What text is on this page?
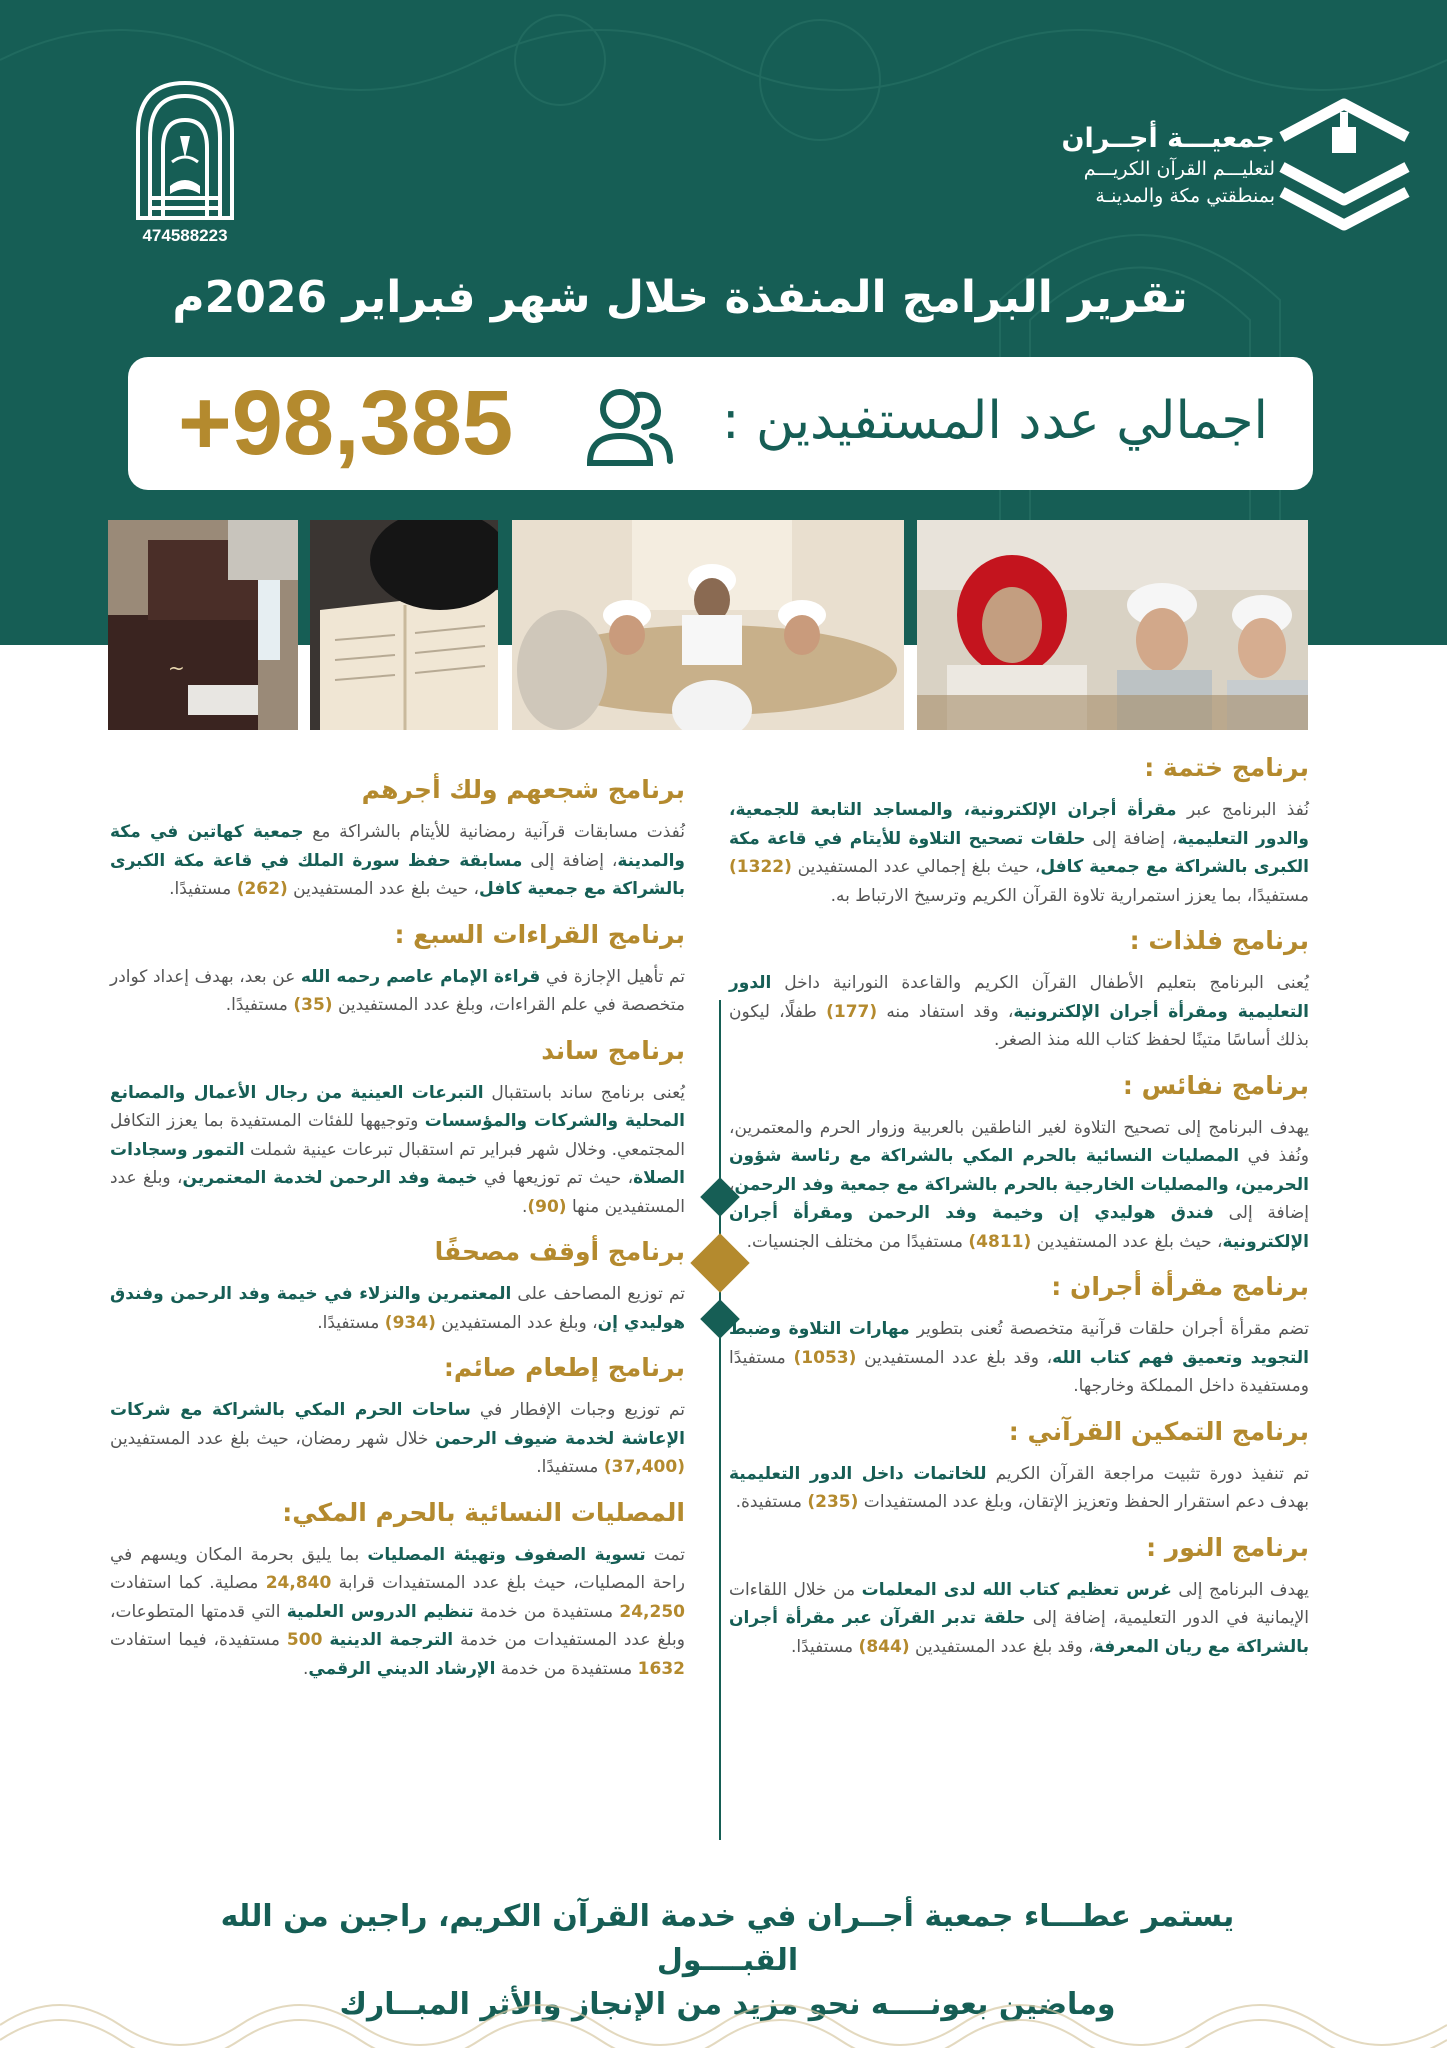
جمعيـــة أجــران
لتعليـــم القرآن الكريـــم
بمنطقتي مكة والمدينـة
474588223
تقرير البرامج المنفذة خلال شهر فبراير 2026م
اجمالي عدد المستفيدين :
+98,385
~
برنامج ختمة :

نُفذ البرنامج عبر مقرأة أجران الإلكترونية، والمساجد التابعة للجمعية، والدور التعليمية، إضافة إلى حلقات تصحيح التلاوة للأيتام في قاعة مكة الكبرى بالشراكة مع جمعية كافل، حيث بلغ إجمالي عدد المستفيدين (1322) مستفيدًا، بما يعزز استمرارية تلاوة القرآن الكريم وترسيخ الارتباط به.

برنامج فلذات :

يُعنى البرنامج بتعليم الأطفال القرآن الكريم والقاعدة النورانية داخل الدور التعليمية ومقرأة أجران الإلكترونية، وقد استفاد منه (177) طفلًا، ليكون بذلك أساسًا متينًا لحفظ كتاب الله منذ الصغر.

برنامج نفائس :

يهدف البرنامج إلى تصحيح التلاوة لغير الناطقين بالعربية وزوار الحرم والمعتمرين، ونُفذ في المصليات النسائية بالحرم المكي بالشراكة مع رئاسة شؤون الحرمين، والمصليات الخارجية بالحرم بالشراكة مع جمعية وفد الرحمن، إضافة إلى فندق هوليدي إن وخيمة وفد الرحمن ومقرأة أجران الإلكترونية، حيث بلغ عدد المستفيدين (4811) مستفيدًا من مختلف الجنسيات.

برنامج مقرأة أجران :

تضم مقرأة أجران حلقات قرآنية متخصصة تُعنى بتطوير مهارات التلاوة وضبط التجويد وتعميق فهم كتاب الله، وقد بلغ عدد المستفيدين (1053) مستفيدًا ومستفيدة داخل المملكة وخارجها.

برنامج التمكين القرآني :

تم تنفيذ دورة تثبيت مراجعة القرآن الكريم للخاتمات داخل الدور التعليمية بهدف دعم استقرار الحفظ وتعزيز الإتقان، وبلغ عدد المستفيدات (235) مستفيدة.

برنامج النور :

يهدف البرنامج إلى غرس تعظيم كتاب الله لدى المعلمات من خلال اللقاءات الإيمانية في الدور التعليمية، إضافة إلى حلقة تدبر القرآن عبر مقرأة أجران بالشراكة مع ريان المعرفة، وقد بلغ عدد المستفيدين (844) مستفيدًا.

برنامج شجعهم ولك أجرهم

نُفذت مسابقات قرآنية رمضانية للأيتام بالشراكة مع جمعية كهاتين في مكة والمدينة، إضافة إلى مسابقة حفظ سورة الملك في قاعة مكة الكبرى بالشراكة مع جمعية كافل، حيث بلغ عدد المستفيدين (262) مستفيدًا.

برنامج القراءات السبع :

تم تأهيل الإجازة في قراءة الإمام عاصم رحمه الله عن بعد، بهدف إعداد كوادر متخصصة في علم القراءات، وبلغ عدد المستفيدين (35) مستفيدًا.

برنامج ساند

يُعنى برنامج ساند باستقبال التبرعات العينية من رجال الأعمال والمصانع المحلية والشركات والمؤسسات وتوجيهها للفئات المستفيدة بما يعزز التكافل المجتمعي. وخلال شهر فبراير تم استقبال تبرعات عينية شملت التمور وسجادات الصلاة، حيث تم توزيعها في خيمة وفد الرحمن لخدمة المعتمرين، وبلغ عدد المستفيدين منها (90).

برنامج أوقف مصحفًا

تم توزيع المصاحف على المعتمرين والنزلاء في خيمة وفد الرحمن وفندق هوليدي إن، وبلغ عدد المستفيدين (934) مستفيدًا.

برنامج إطعام صائم:

تم توزيع وجبات الإفطار في ساحات الحرم المكي بالشراكة مع شركات الإعاشة لخدمة ضيوف الرحمن خلال شهر رمضان، حيث بلغ عدد المستفيدين (37,400) مستفيدًا.

المصليات النسائية بالحرم المكي:

تمت تسوية الصفوف وتهيئة المصليات بما يليق بحرمة المكان ويسهم في راحة المصليات، حيث بلغ عدد المستفيدات قرابة 24,840 مصلية. كما استفادت 24,250 مستفيدة من خدمة تنظيم الدروس العلمية التي قدمتها المتطوعات، وبلغ عدد المستفيدات من خدمة الترجمة الدينية 500 مستفيدة، فيما استفادت 1632 مستفيدة من خدمة الإرشاد الديني الرقمي.

يستمر عطـــاء جمعية أجــران في خدمة القرآن الكريم، راجين من الله القبــــول
وماضين بعونــــه نحو مزيد من الإنجاز والأثر المبــارك
